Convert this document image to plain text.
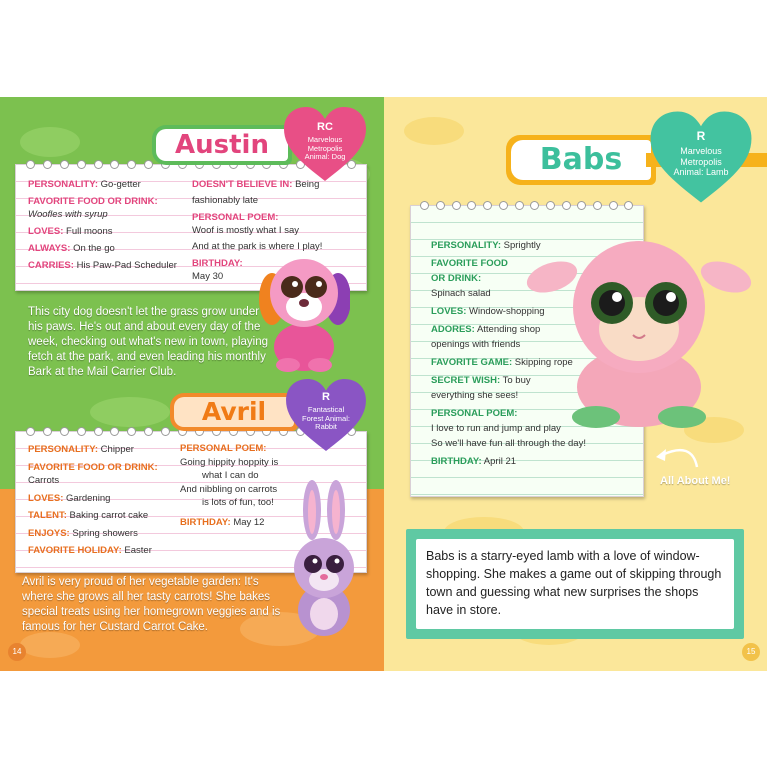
PERSONALITY: Go-getter
FAVORITE FOOD OR DRINK:
Woofles with syrup
LOVES: Full moons
ALWAYS: On the go
CARRIES: His Paw-Pad Scheduler
DOESN'T BELIEVE IN: Being fashionably late
PERSONAL POEM:
Woof is mostly what I say
And at the park is where I play!
BIRTHDAY:
May 30
Austin
RC
Marvelous Metropolis Animal: Dog
This city dog doesn't let the grass grow under his paws. He's out and about every day of the week, checking out what's new in town, playing fetch at the park, and even leading his monthly Bark at the Mail Carrier Club.
PERSONALITY: Chipper
FAVORITE FOOD OR DRINK:
Carrots
LOVES: Gardening
TALENT: Baking carrot cake
ENJOYS: Spring showers
FAVORITE HOLIDAY: Easter
PERSONAL POEM:
Going hippity hoppity is
what I can do
And nibbling on carrots
is lots of fun, too!
BIRTHDAY: May 12
Avril	R
Fantastical Forest Animal: Rabbit
Avril is very proud of her vegetable garden: It's where she grows all her tasty carrots! She bakes special treats using her homegrown veggies and is famous for her Custard Carrot Cake.
14
Babs
R
Marvelous Metropolis Animal: Lamb
PERSONALITY: Sprightly
FAVORITE FOOD
OR DRINK:
Spinach salad
LOVES: Window-shopping
ADORES: Attending shop
openings with friends
FAVORITE GAME: Skipping rope
SECRET WISH: To buy
everything she sees!
PERSONAL POEM:
I love to run and jump and play
So we'll have fun all through the day!
BIRTHDAY: April 21
All About Me!
Babs is a starry-eyed lamb with a love of window-shopping. She makes a game out of skipping through town and guessing what new surprises the shops have in store.
15
